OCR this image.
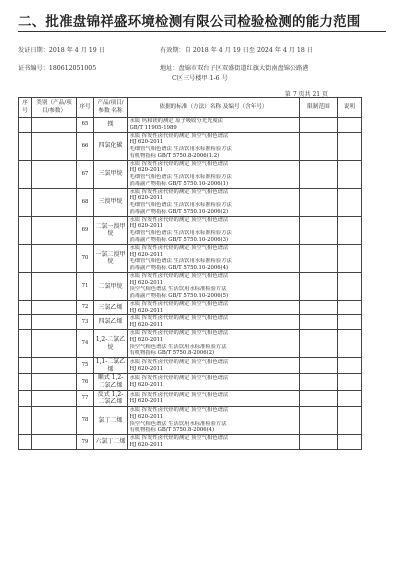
二、批准盘锦祥盛环境检测有限公司检验检测的能力范围
发证日期：2018 年 4 月 19 日	有效期：自 2018 年 4 月 19 日至 2024 年 4 月 18 日
证书编号：180612051005	地址：盘锦市双台子区双盛街道红旗大街南盘锦公路港
C区三号楼甲 1-6 号
第 7 页共 21 页
序号	类别（产品/项目/参数）	序号	产品/项目/参数 名称	依据的标准（方法）名称 及编号（含年号）	限制范围	说明
		65	镁	水质 钙和镁的测定 原子吸收分光光度法
GB/T 11905-1989		

		66	四氯化碳	水质 挥发性卤代烃的测定 顶空气相色谱法
HJ 620-2011
毛细管气相色谱法 生活饮用水标准检验方法
有机物指标 GB/T 5750.8-2006(1.2)		

		67	三氯甲烷	水质 挥发性卤代烃的测定 顶空气相色谱法
HJ 620-2011
毛细管气相色谱法 生活饮用水标准检验方法
消毒副产物指标 GB/T 5750.10-2006(1)		

		68	三溴甲烷	水质 挥发性卤代烃的测定 顶空气相色谱法
HJ 620-2011
毛细管气相色谱法 生活饮用水标准检验方法
消毒副产物指标 GB/T 5750.10-2006(2)		

		69	二氯一溴甲烷	水质 挥发性卤代烃的测定 顶空气相色谱法
HJ 620-2011
毛细管气相色谱法 生活饮用水标准检验方法
消毒副产物指标 GB/T 5750.10-2006(3)		

		70	一氯二溴甲烷	水质 挥发性卤代烃的测定 顶空气相色谱法
HJ 620-2011
毛细管气相色谱法 生活饮用水标准检验方法
消毒副产物指标 GB/T 5750.10-2006(4)		

		71	二氯甲烷	水质 挥发性卤代烃的测定 顶空气相色谱法
HJ 620-2011
顶空气相色谱法 生活饮用水标准检验方法
消毒副产物指标 GB/T 5750.10-2006(5)		

		72	三氯乙烯	水质 挥发性卤代烃的测定 顶空气相色谱法
HJ 620-2011		

		73	四氯乙烯	水质 挥发性卤代烃的测定 顶空气相色谱法
HJ 620-2011		

		74	1,2-二氯乙烷	水质 挥发性卤代烃的测定 顶空气相色谱法
HJ 620-2011
顶空气相色谱法 生活饮用水标准检验方法
有机物指标 GB/T 5750.8-2006(2)		

		75	1,1-二氯乙烯	水质 挥发性卤代烃的测定 顶空气相色谱法
HJ 620-2011		

		76	顺式 1,2-二氯乙烯	水质 挥发性卤代烃的测定 顶空气相色谱法
HJ 620-2011		

		77	反式 1,2-二氯乙烯	水质 挥发性卤代烃的测定 顶空气相色谱法
HJ 620-2011		

		78	氯丁二烯	水质 挥发性卤代烃的测定 顶空气相色谱法
HJ 620-2011
顶空气相色谱法 生活饮用水标准检验方法
有机物指标 GB/T 5750.8-2006(4)		

		79	六氯丁二烯	水质 挥发性卤代烃的测定 顶空气相色谱法
HJ 620-2011		
